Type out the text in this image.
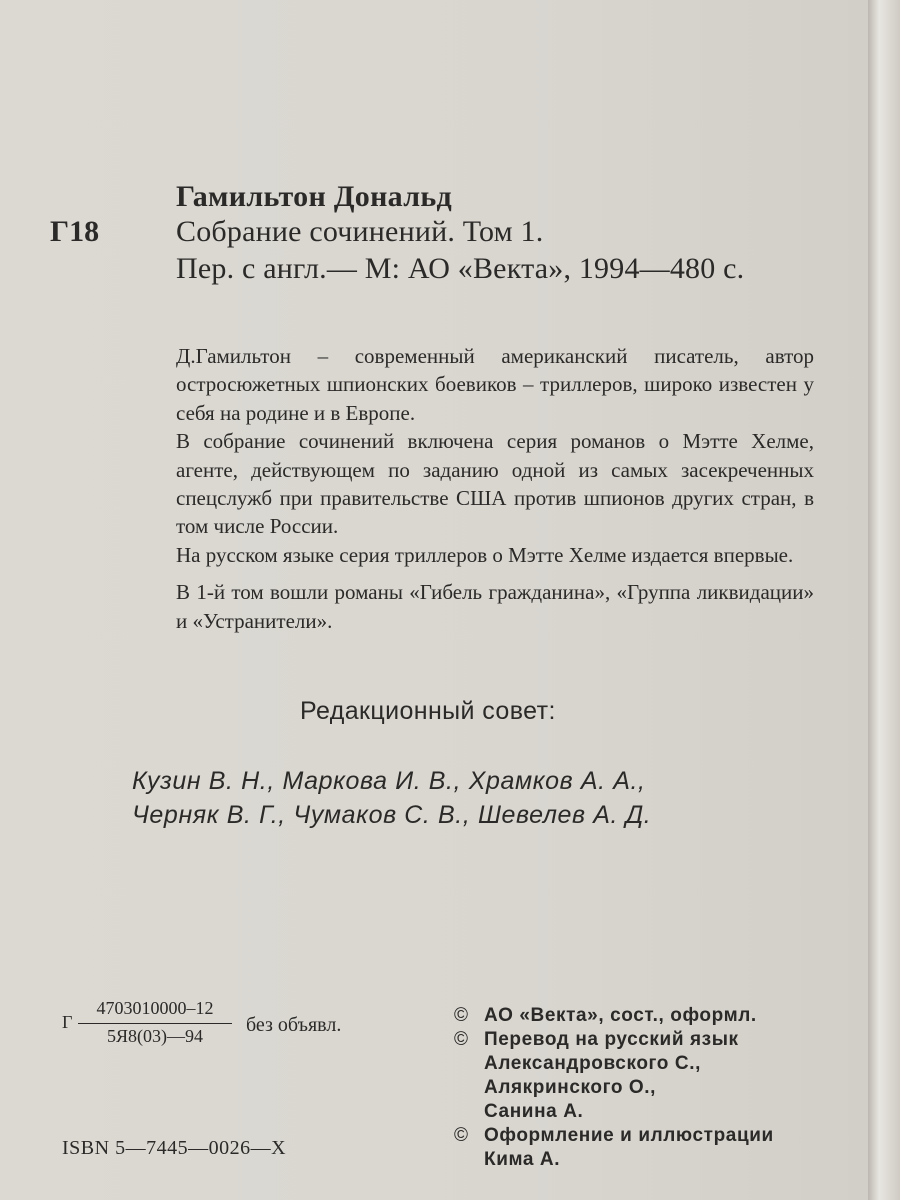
Г18
Гамильтон Дональд
Собрание сочинений. Том 1.
Пер. с англ.— М: АО «Векта», 1994—480 с.

Д.Гамильтон – современный американский писатель, автор остросюжетных шпионских боевиков – триллеров, широко известен у себя на родине и в Европе.

В собрание сочинений включена серия романов о Мэтте Хелме, агенте, действующем по заданию одной из самых засекреченных спецслужб при правительстве США против шпионов других стран, в том числе России.

На русском языке серия триллеров о Мэтте Хелме издается впервые.

В 1-й том вошли романы «Гибель гражданина», «Группа ликвидации» и «Устранители».

Редакционный совет:
Кузин В. Н., Маркова И. В., Храмков А. А.,
Черняк В. Г., Чумаков С. В., Шевелев А. Д.
Г
4703010000–12
5Я8(03)—94	без объявл.
ISBN 5—7445—0026—X
© АО «Векта», сост., оформл.
© Перевод на русский язык
Александровского С.,
Алякринского О.,
Санина А.
© Оформление и иллюстрации
Кима А.
